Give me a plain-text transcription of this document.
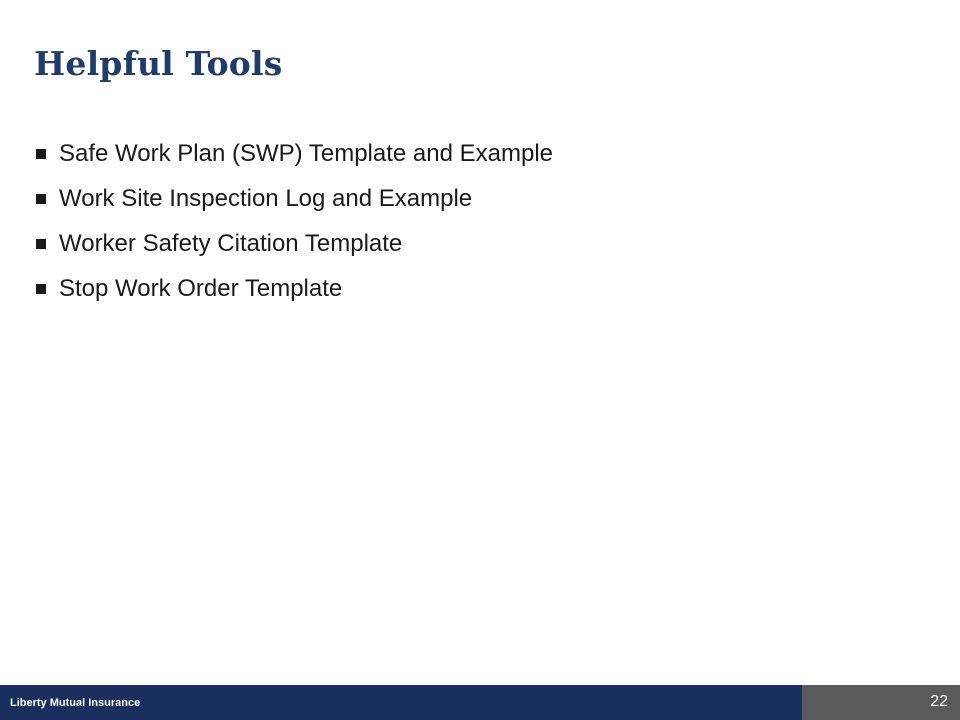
Helpful Tools
Safe Work Plan (SWP) Template and Example
Work Site Inspection Log and Example
Worker Safety Citation Template
Stop Work Order Template
Liberty Mutual Insurance	22
